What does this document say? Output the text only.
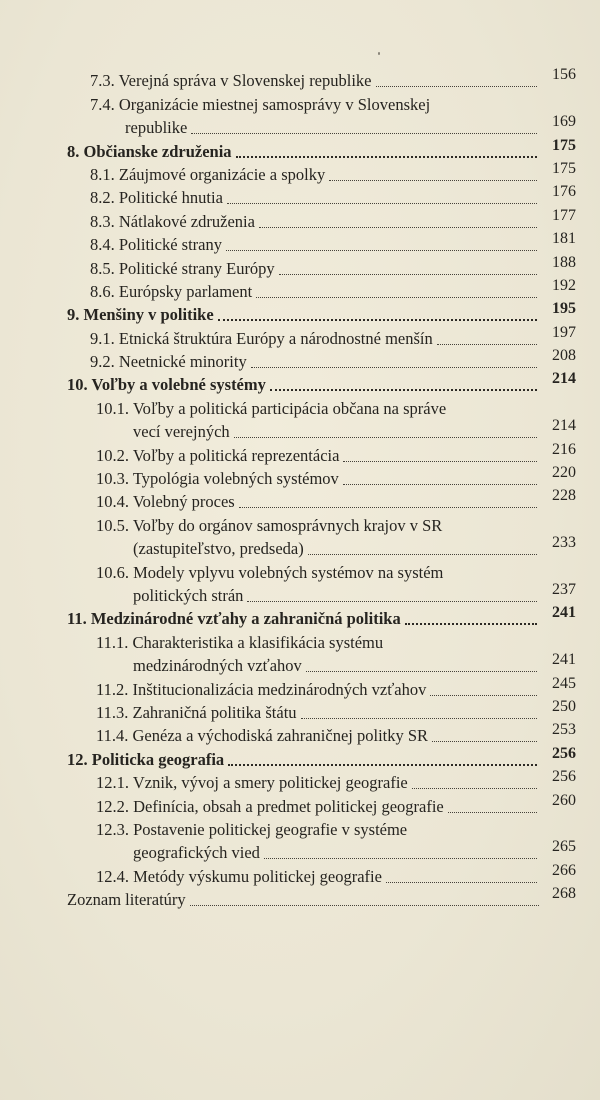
7.3. Verejná správa v Slovenskej republike	156
7.4. Organizácie miestnej samosprávy v Slovenskej
republike	169
8. Občianske združenia	175
8.1. Záujmové organizácie a spolky	175
8.2. Politické hnutia	176
8.3. Nátlakové združenia	177
8.4. Politické strany	181
8.5. Politické strany Európy	188
8.6. Európsky parlament	192
9. Menšiny v politike	195
9.1. Etnická štruktúra Európy a národnostné menšín	197
9.2. Neetnické minority	208
10. Voľby a volebné systémy	214
10.1. Voľby a politická participácia občana na správe
vecí verejných	214
10.2. Voľby a politická reprezentácia	216
10.3. Typológia volebných systémov	220
10.4. Volebný proces	228
10.5. Voľby do orgánov samosprávnych krajov v SR
(zastupiteľstvo, predseda)	233
10.6. Modely vplyvu volebných systémov na systém
politických strán	237
11. Medzinárodné vzťahy a zahraničná politika	241
11.1. Charakteristika a klasifikácia systému
medzinárodných vzťahov	241
11.2. Inštitucionalizácia medzinárodných vzťahov	245
11.3. Zahraničná politika štátu	250
11.4. Genéza a východiská zahraničnej politky SR	253
12. Politicka geografia	256
12.1. Vznik, vývoj a smery politickej geografie	256
12.2. Definícia, obsah a predmet politickej geografie	260
12.3. Postavenie politickej geografie v systéme
geografických vied	265
12.4. Metódy výskumu politickej geografie	266
Zoznam literatúry	268
